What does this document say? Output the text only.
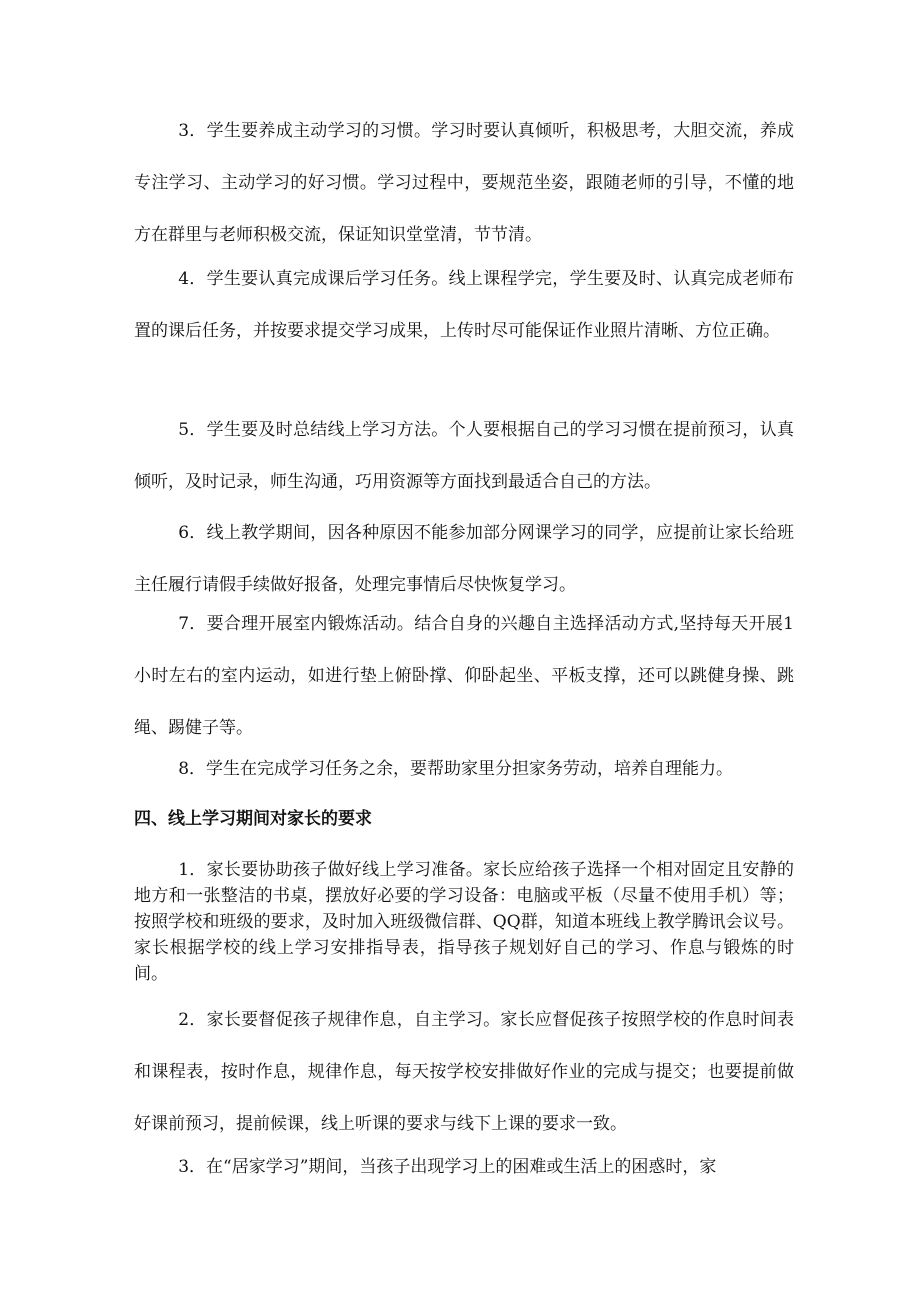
3．学生要养成主动学习的习惯。学习时要认真倾听，积极思考，大胆交流，养成专注学习、主动学习的好习惯。学习过程中，要规范坐姿，跟随老师的引导，不懂的地方在群里与老师积极交流，保证知识堂堂清，节节清。

4．学生要认真完成课后学习任务。线上课程学完，学生要及时、认真完成老师布置的课后任务，并按要求提交学习成果，上传时尽可能保证作业照片清晰、方位正确。

5．学生要及时总结线上学习方法。个人要根据自己的学习习惯在提前预习，认真倾听，及时记录，师生沟通，巧用资源等方面找到最适合自己的方法。

6．线上教学期间，因各种原因不能参加部分网课学习的同学，应提前让家长给班主任履行请假手续做好报备，处理完事情后尽快恢复学习。

7．要合理开展室内锻炼活动。结合自身的兴趣自主选择活动方式,坚持每天开展1小时左右的室内运动，如进行垫上俯卧撑、仰卧起坐、平板支撑，还可以跳健身操、跳绳、踢健子等。

8．学生在完成学习任务之余，要帮助家里分担家务劳动，培养自理能力。

四、线上学习期间对家长的要求

1．家长要协助孩子做好线上学习准备。家长应给孩子选择一个相对固定且安静的地方和一张整洁的书桌，摆放好必要的学习设备：电脑或平板（尽量不使用手机）等；按照学校和班级的要求，及时加入班级微信群、QQ群，知道本班线上教学腾讯会议号。家长根据学校的线上学习安排指导表，指导孩子规划好自己的学习、作息与锻炼的时间。

2．家长要督促孩子规律作息，自主学习。家长应督促孩子按照学校的作息时间表和课程表，按时作息，规律作息，每天按学校安排做好作业的完成与提交；也要提前做好课前预习，提前候课，线上听课的要求与线下上课的要求一致。

3．在“居家学习”期间，当孩子出现学习上的困难或生活上的困惑时，家
